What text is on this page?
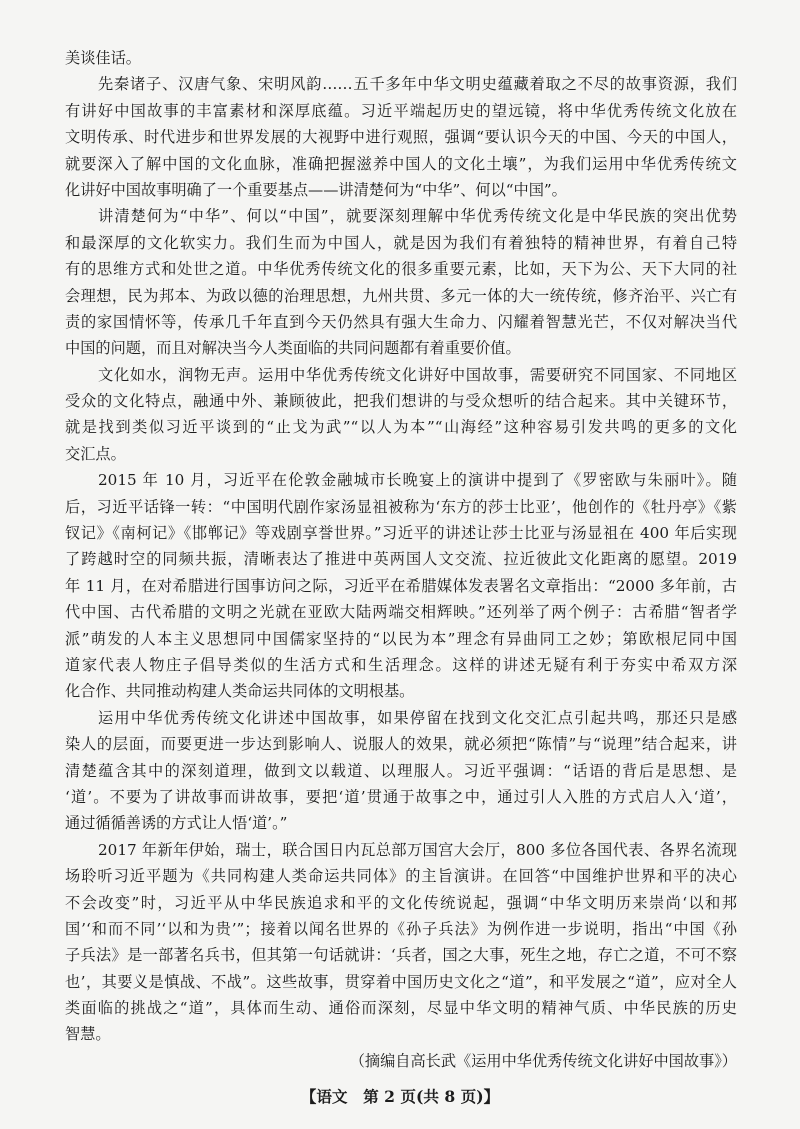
美谈佳话。
先秦诸子、汉唐气象、宋明风韵……五千多年中华文明史蕴藏着取之不尽的故事资源，我们
有讲好中国故事的丰富素材和深厚底蕴。习近平端起历史的望远镜，将中华优秀传统文化放在
文明传承、时代进步和世界发展的大视野中进行观照，强调“要认识今天的中国、今天的中国人，
就要深入了解中国的文化血脉，准确把握滋养中国人的文化土壤”，为我们运用中华优秀传统文
化讲好中国故事明确了一个重要基点——讲清楚何为“中华”、何以“中国”。
讲清楚何为“中华”、何以“中国”，就要深刻理解中华优秀传统文化是中华民族的突出优势
和最深厚的文化软实力。我们生而为中国人，就是因为我们有着独特的精神世界，有着自己特
有的思维方式和处世之道。中华优秀传统文化的很多重要元素，比如，天下为公、天下大同的社
会理想，民为邦本、为政以德的治理思想，九州共贯、多元一体的大一统传统，修齐治平、兴亡有
责的家国情怀等，传承几千年直到今天仍然具有强大生命力、闪耀着智慧光芒，不仅对解决当代
中国的问题，而且对解决当今人类面临的共同问题都有着重要价值。
文化如水，润物无声。运用中华优秀传统文化讲好中国故事，需要研究不同国家、不同地区
受众的文化特点，融通中外、兼顾彼此，把我们想讲的与受众想听的结合起来。其中关键环节，
就是找到类似习近平谈到的“止戈为武”“以人为本”“山海经”这种容易引发共鸣的更多的文化
交汇点。
2015 年 10 月，习近平在伦敦金融城市长晚宴上的演讲中提到了《罗密欧与朱丽叶》。随
后，习近平话锋一转：“中国明代剧作家汤显祖被称为‘东方的莎士比亚’，他创作的《牡丹亭》《紫
钗记》《南柯记》《邯郸记》等戏剧享誉世界。”习近平的讲述让莎士比亚与汤显祖在 400 年后实现
了跨越时空的同频共振，清晰表达了推进中英两国人文交流、拉近彼此文化距离的愿望。2019
年 11 月，在对希腊进行国事访问之际，习近平在希腊媒体发表署名文章指出：“2000 多年前，古
代中国、古代希腊的文明之光就在亚欧大陆两端交相辉映。”还列举了两个例子：古希腊“智者学
派”萌发的人本主义思想同中国儒家坚持的“以民为本”理念有异曲同工之妙；第欧根尼同中国
道家代表人物庄子倡导类似的生活方式和生活理念。这样的讲述无疑有利于夯实中希双方深
化合作、共同推动构建人类命运共同体的文明根基。
运用中华优秀传统文化讲述中国故事，如果停留在找到文化交汇点引起共鸣，那还只是感
染人的层面，而要更进一步达到影响人、说服人的效果，就必须把“陈情”与“说理”结合起来，讲
清楚蕴含其中的深刻道理，做到文以载道、以理服人。习近平强调：“话语的背后是思想、是
‘道’。不要为了讲故事而讲故事，要把‘道’贯通于故事之中，通过引人入胜的方式启人入‘道’，
通过循循善诱的方式让人悟‘道’。”
2017 年新年伊始，瑞士，联合国日内瓦总部万国宫大会厅，800 多位各国代表、各界名流现
场聆听习近平题为《共同构建人类命运共同体》的主旨演讲。在回答“中国维护世界和平的决心
不会改变”时，习近平从中华民族追求和平的文化传统说起，强调“中华文明历来崇尚‘以和邦
国’‘和而不同’‘以和为贵’”；接着以闻名世界的《孙子兵法》为例作进一步说明，指出“中国《孙
子兵法》是一部著名兵书，但其第一句话就讲：‘兵者，国之大事，死生之地，存亡之道，不可不察
也’，其要义是慎战、不战”。这些故事，贯穿着中国历史文化之“道”，和平发展之“道”，应对全人
类面临的挑战之“道”，具体而生动、通俗而深刻，尽显中华文明的精神气质、中华民族的历史
智慧。
（摘编自高长武《运用中华优秀传统文化讲好中国故事》）
【语文　第 2 页(共 8 页)】
